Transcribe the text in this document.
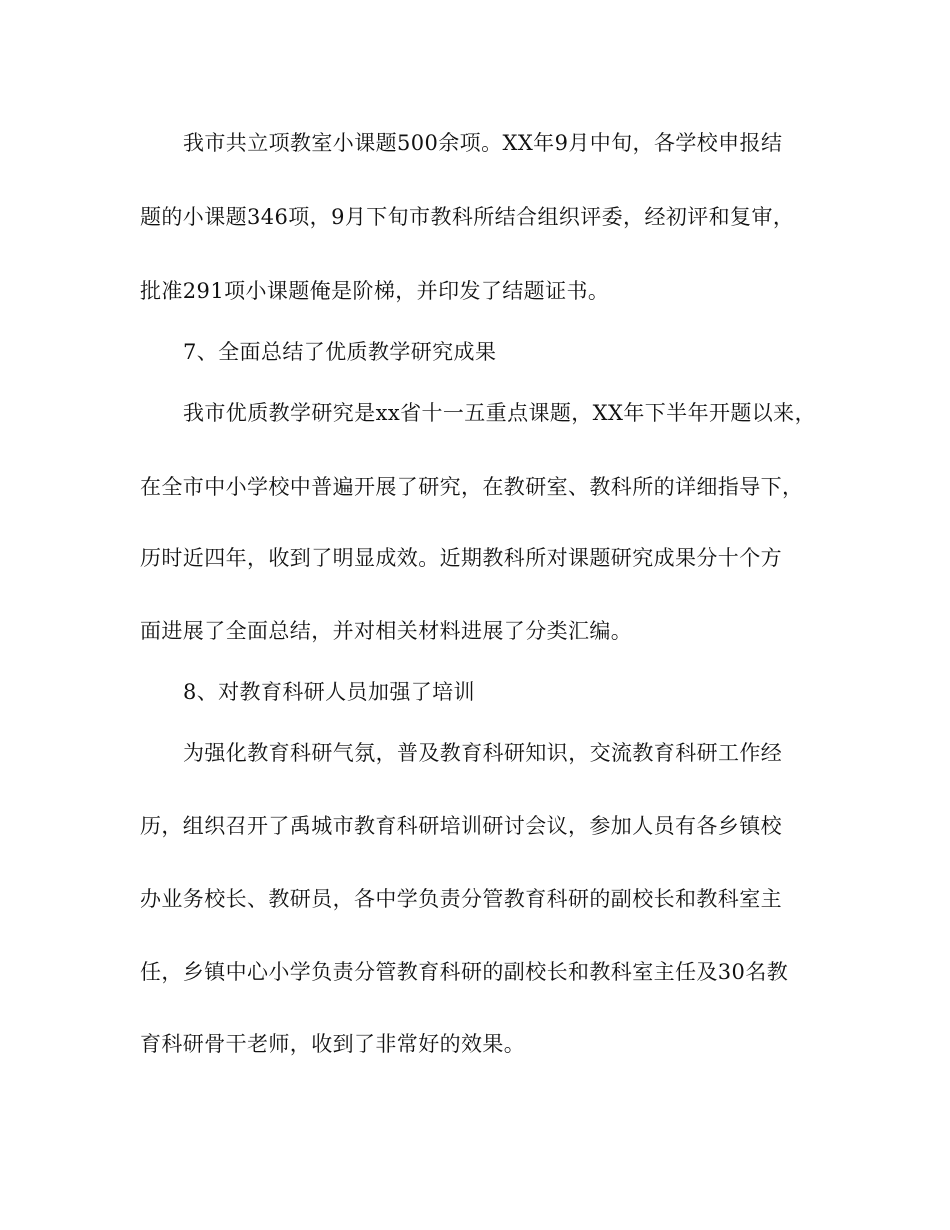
我市共立项教室小课题500余项。XX年9月中旬，各学校申报结
题的小课题346项，9月下旬市教科所结合组织评委，经初评和复审，
批准291项小课题俺是阶梯，并印发了结题证书。
7、全面总结了优质教学研究成果
我市优质教学研究是xx省十一五重点课题，XX年下半年开题以来，
在全市中小学校中普遍开展了研究，在教研室、教科所的详细指导下，
历时近四年，收到了明显成效。近期教科所对课题研究成果分十个方
面进展了全面总结，并对相关材料进展了分类汇编。
8、对教育科研人员加强了培训
为强化教育科研气氛，普及教育科研知识，交流教育科研工作经
历，组织召开了禹城市教育科研培训研讨会议，参加人员有各乡镇校
办业务校长、教研员，各中学负责分管教育科研的副校长和教科室主
任，乡镇中心小学负责分管教育科研的副校长和教科室主任及30名教
育科研骨干老师，收到了非常好的效果。
